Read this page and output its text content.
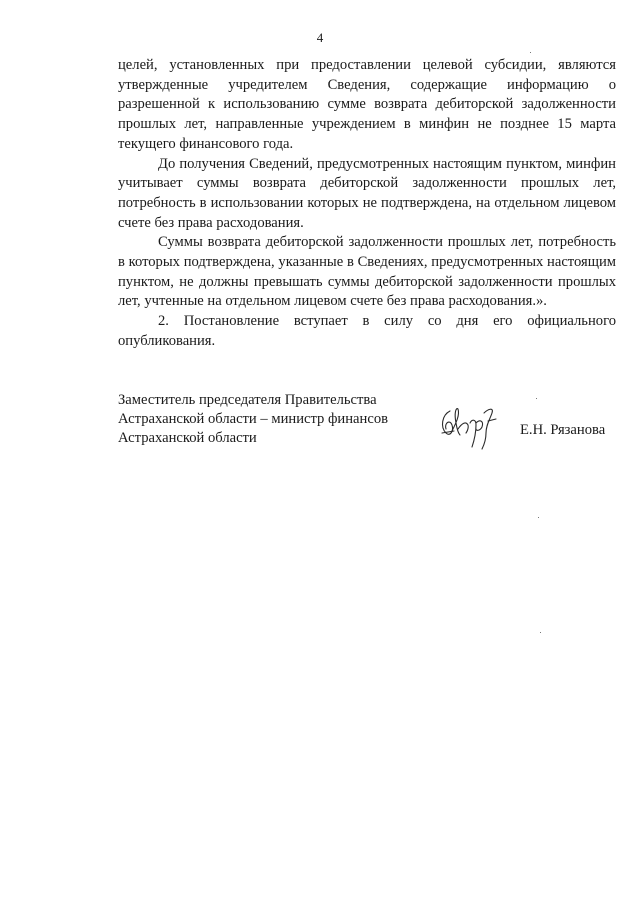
4

целей, установленных при предоставлении целевой субсидии, являются утвержденные учредителем Сведения, содержащие информацию о разрешенной к использованию сумме возврата дебиторской задолженности прошлых лет, направленные учреждением в минфин не позднее 15 марта текущего финансового года.

До получения Сведений, предусмотренных настоящим пунктом, минфин учитывает суммы возврата дебиторской задолженности прошлых лет, потребность в использовании которых не подтверждена, на отдельном лицевом счете без права расходования.

Суммы возврата дебиторской задолженности прошлых лет, потребность в которых подтверждена, указанные в Сведениях, предусмотренных настоящим пунктом, не должны превышать суммы дебиторской задолженности прошлых лет, учтенные на отдельном лицевом счете без права расходования.».

2. Постановление вступает в силу со дня его официального опубликования.

Заместитель председателя Правительства
Астраханской области – министр финансов
Астраханской области	Е.Н. Рязанова
